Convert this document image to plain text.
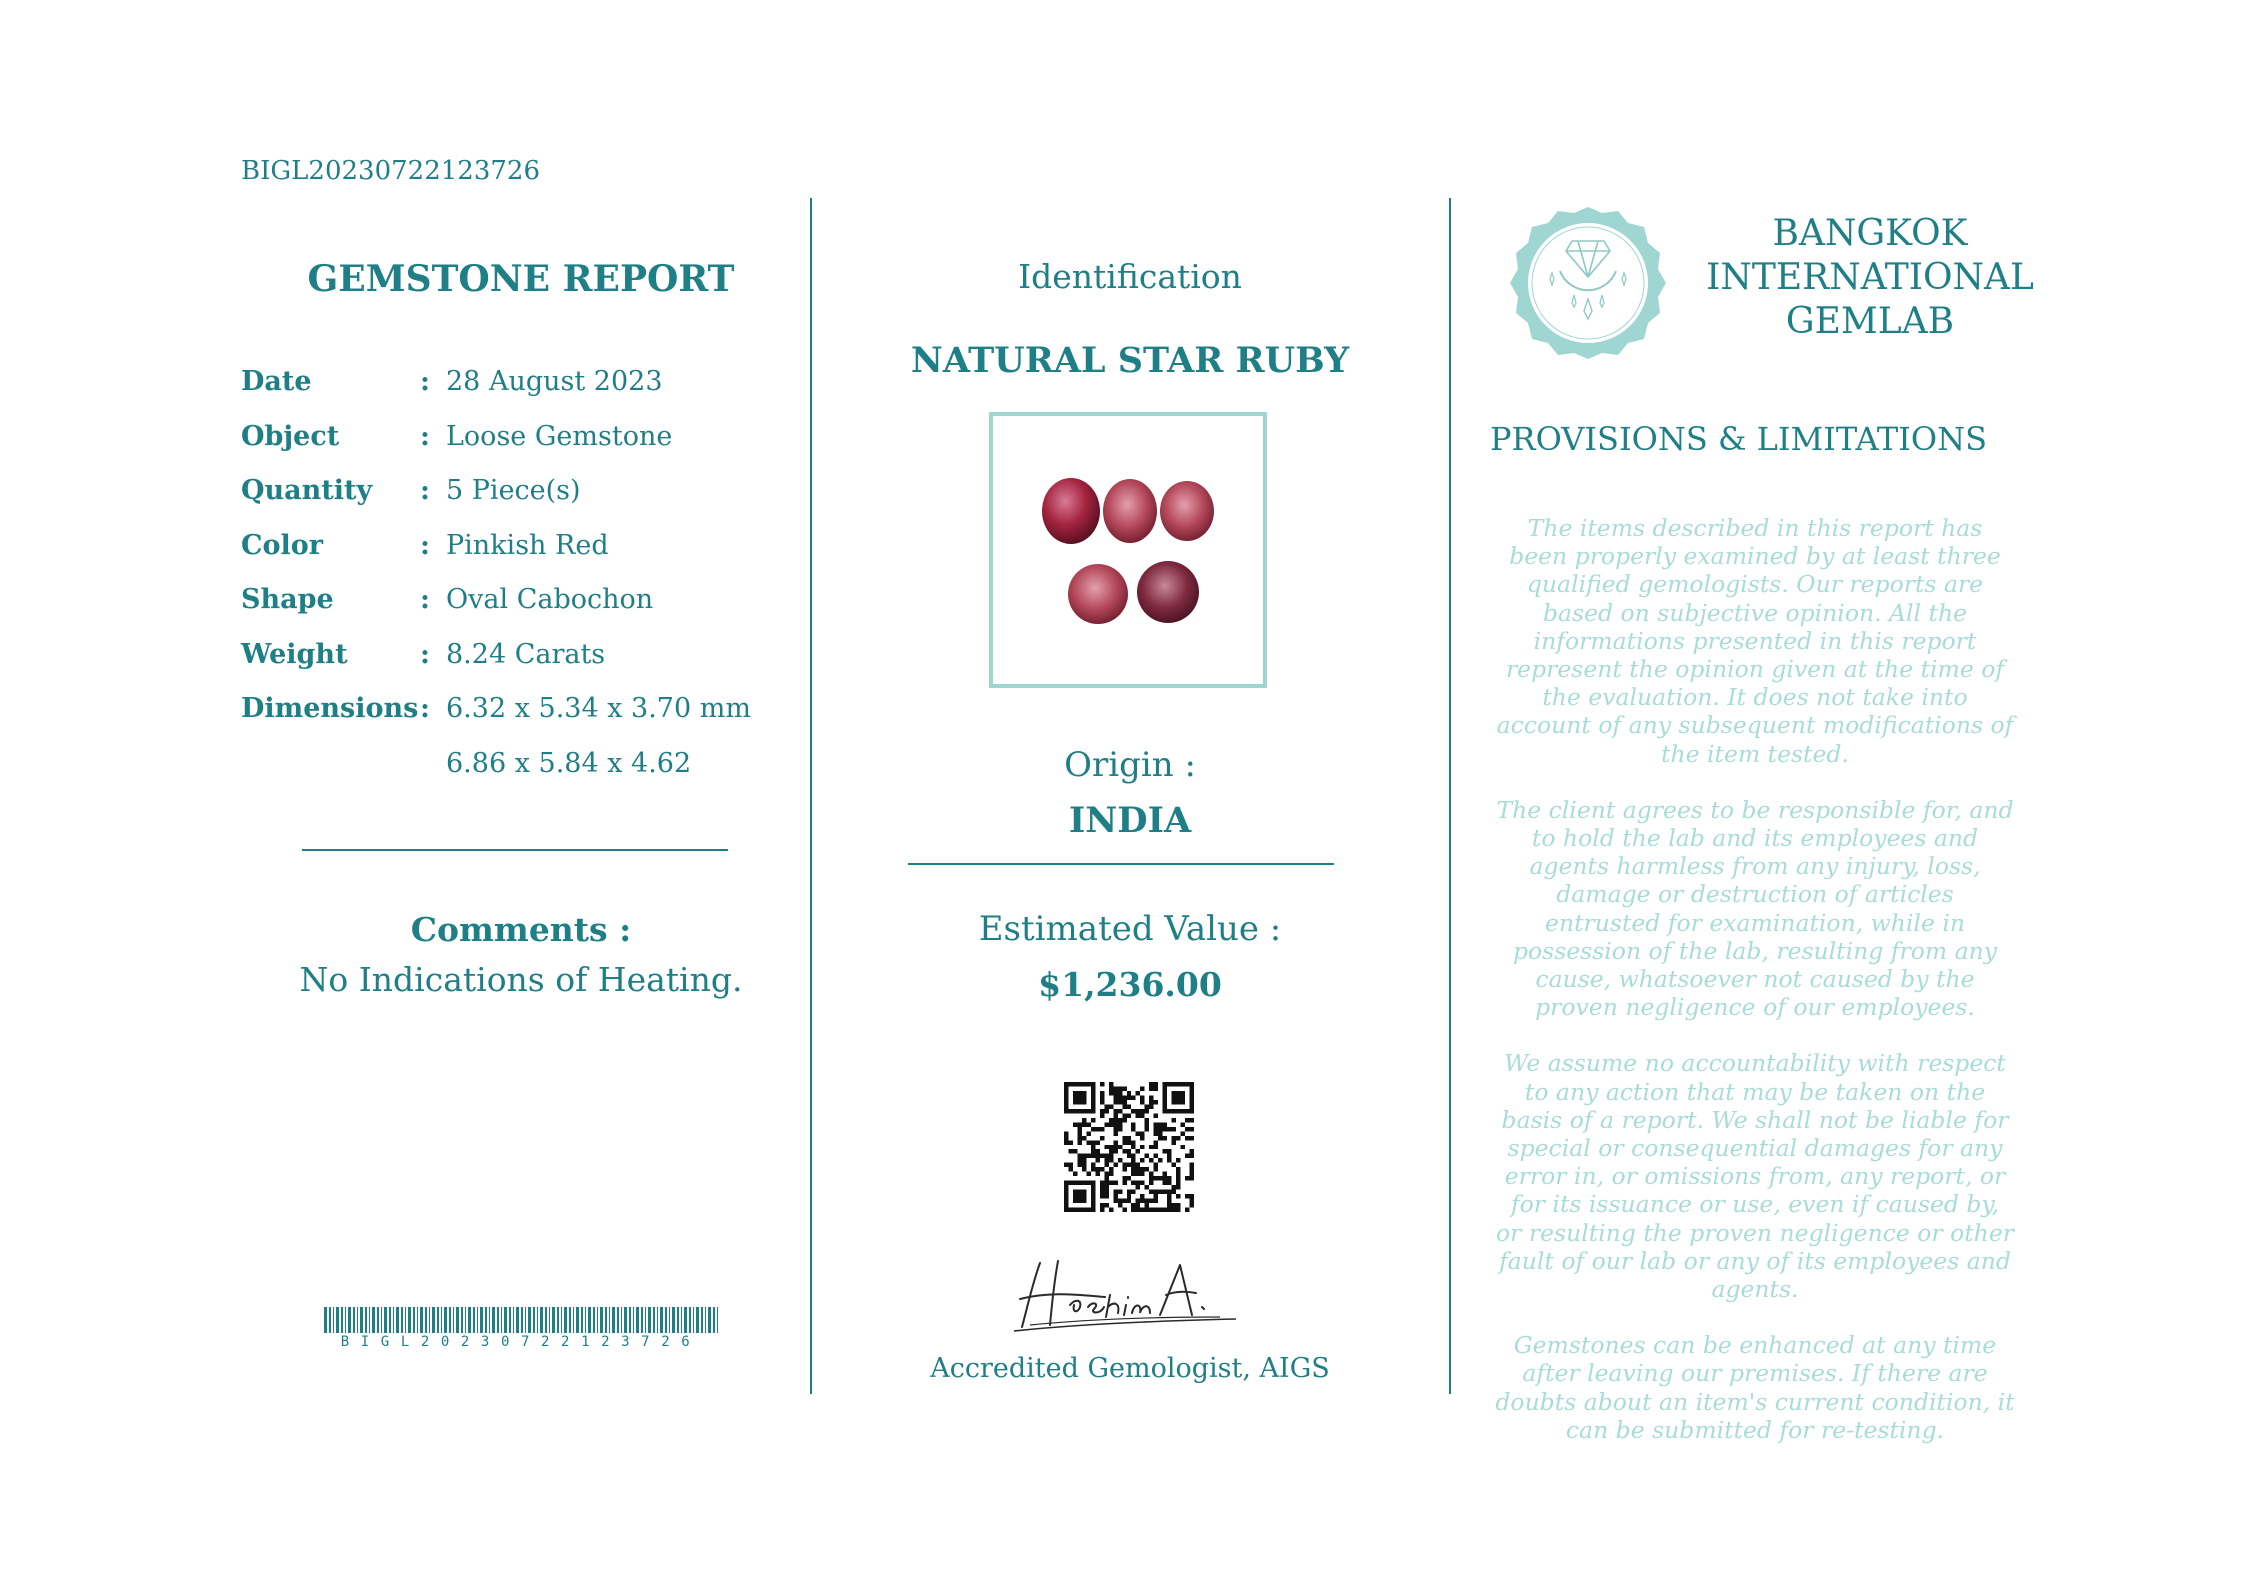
BIGL20230722123726
GEMSTONE REPORT
Date	: 28 August 2023
Object	: Loose Gemstone
Quantity : 5 Piece(s)
Color	: Pinkish Red
Shape	: Oval Cabochon
Weight	: 8.24 Carats
Dimensions : 6.32 x 5.34 x 3.70 mm
6.86 x 5.84 x 4.62
Comments :
No Indications of Heating.
BIGL20230722123726
Identification
NATURAL STAR RUBY
Origin :
INDIA
Estimated Value :
$1,236.00
Accredited Gemologist, AIGS
BANGKOK
INTERNATIONAL
GEMLAB
PROVISIONS & LIMITATIONS

The items described in this report has been properly examined by at least three qualified gemologists. Our reports are based on subjective opinion. All the informations presented in this report represent the opinion given at the time of the evaluation. It does not take into account of any subsequent modifications of the item tested.

The client agrees to be responsible for, and to hold the lab and its employees and agents harmless from any injury, loss, damage or destruction of articles entrusted for examination, while in possession of the lab, resulting from any cause, whatsoever not caused by the proven negligence of our employees.

We assume no accountability with respect to any action that may be taken on the basis of a report. We shall not be liable for special or consequential damages for any error in, or omissions from, any report, or for its issuance or use, even if caused by, or resulting the proven negligence or other fault of our lab or any of its employees and agents.

Gemstones can be enhanced at any time after leaving our premises. If there are doubts about an item's current condition, it can be submitted for re-testing.
